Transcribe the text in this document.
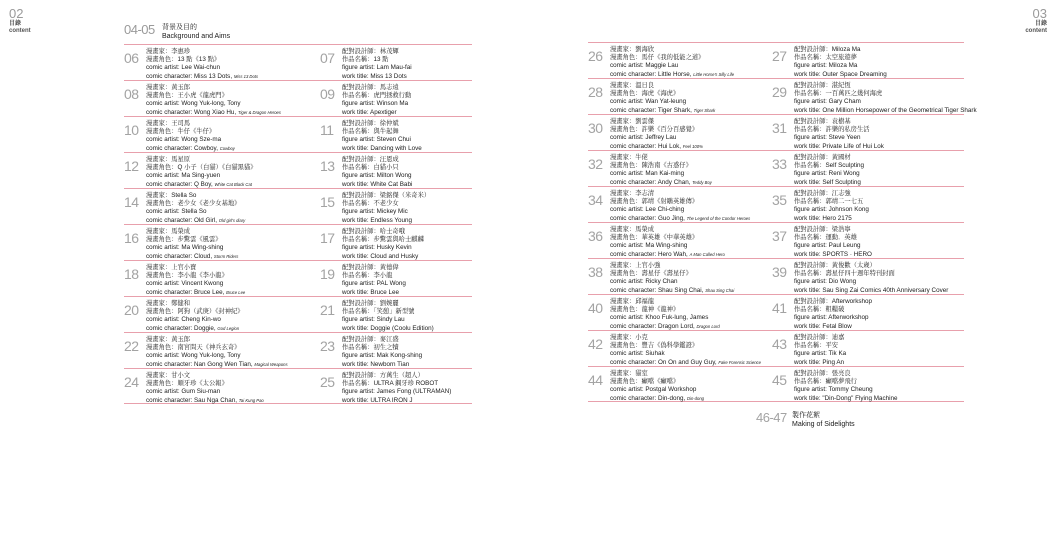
02
目錄
content
03
目錄
content
04-05	背景及目的
Background and Aims
06	漫畫家：李惠珍
漫畫角色：13 點《13 點》
comic artist: Lee Wai-chun
comic character: Miss 13 Dots, Miss 13 Dots
07	配對設計師：林茂輝
作品名稱：13 點
figure artist: Lam Mau-fai
work title: Miss 13 Dots
08	漫畫家：黃玉郎
漫畫角色：王小虎《龍虎門》
comic artist: Wong Yuk-long, Tony
comic character: Wong Xiao Hu, Tiger & Dragon Heroes
09	配對設計師：馬志遠
作品名稱：虎門拯救行動
figure artist: Winson Ma
work title: Apextiger
10	漫畫家：王司馬
漫畫角色：牛仔《牛仔》
comic artist: Wong Sze-ma
comic character: Cowboy, Cowboy
11	配對設計師：徐仲斌
作品名稱：與牛起舞
figure artist: Steven Chui
work title: Dancing with Love
12	漫畫家：馬星原
漫畫角色：Q 小子（白貓）《白貓黑貓》
comic artist: Ma Sing-yuen
comic character: Q Boy, White Cat Black Cat
13	配對設計師：汪恩成
作品名稱：白貓小只
figure artist: Milton Wong
work title: White Cat Babi
14	漫畫家：Stella So
漫畫角色：老少女《老少女基地》
comic artist: Stella So
comic character: Old Girl, Old girl's diary
15	配對設計師：梁銘傑（米奇米）
作品名稱：不老少女
figure artist: Mickey Mic
work title: Endless Young
16	漫畫家：馬榮成
漫畫角色：步驚雲《風雲》
comic artist: Ma Wing-shing
comic character: Cloud, Storm Riders
17	配對設計師：哈士奇哦
作品名稱：步驚雲與哈士麒麟
figure artist: Husky Kevin
work title: Cloud and Husky
18	漫畫家：上官小寶
漫畫角色：李小龍《李小龍》
comic artist: Vincent Kwong
comic character: Bruce Lee, Bruce Lee
19	配對設計師：黃德偉
作品名稱：李小龍
figure artist: PAL Wong
work title: Bruce Lee
20	漫畫家：鄭健和
漫畫角色：阿狗（武庚）《封神紀》
comic artist: Cheng Kin-wo
comic character: Doggie, God Legion
21	配對設計師：劉婉麗
作品名稱：「笑憩」新型號
figure artist: Sindy Lau
work title: Doggie (Coolu Edition)
22	漫畫家：黃玉郎
漫畫角色：南宮問天《神兵玄奇》
comic artist: Wong Yuk-long, Tony
comic character: Nan Gong Wen Tian, Magical Weapons
23	配對設計師：麥江盛
作品名稱：初生之犢
figure artist: Mak Kong-shing
work title: Newborn Tian
24	漫畫家：甘小文
漫畫角色：順牙珍《太公報》
comic artist: Gum Siu-man
comic character: Sau Nga Chan, Tai Kung Pao
25	配對設計師：方萬生（超人）
作品名稱：ULTRA 鋼牙珍 ROBOT
figure artist: James Fong (ULTRAMAN)
work title: ULTRA IRON J
26	漫畫家：劉海欣
漫畫角色：馬仔《我的低能之道》
comic artist: Maggie Lau
comic character: Little Horse, Little Horse's Silly Life
27	配對設計師：Miloza Ma
作品名稱：太空旅遊夢
figure artist: Miloza Ma
work title: Outer Space Dreaming
28	漫畫家：溫日良
漫畫角色：海虎《海虎》
comic artist: Wan Yat-leung
comic character: Tiger Shark, Tiger Shark
29	配對設計師：湛紀恆
作品名稱：一百萬匹之幾何海虎
figure artist: Gary Cham
work title: One Million Horsepower of the Geometrical Tiger Shark
30	漫畫家：劉雲傑
漫畫角色：許樂《百分百感覺》
comic artist: Jeffrey Lau
comic character: Hui Lok, Feel 100%
31	配對設計師：袁樹基
作品名稱：許樂的私房生活
figure artist: Steve Yeen
work title: Private Life of Hui Lok
32	漫畫家：牛佬
漫畫角色：陳浩南《古惑仔》
comic artist: Man Kai-ming
comic character: Andy Chan, Teddy Boy
33	配對設計師：黃國材
作品名稱：Self Sculpting
figure artist: Reni Wong
work title: Self Sculpting
34	漫畫家：李志清
漫畫角色：郭靖《射鵰英雄傳》
comic artist: Lee Chi-ching
comic character: Guo Jing, The Legend of the Condor Heroes
35	配對設計師：江志強
作品名稱：郭靖二一七五
figure artist: Johnson Kong
work title: Hero 2175
36	漫畫家：馬榮成
漫畫角色：華英雄《中華英雄》
comic artist: Ma Wing-shing
comic character: Hero Wah, A Man Called Hero
37	配對設計師：梁浩寧
作品名稱：運動．英雄
figure artist: Paul Leung
work title: SPORTS · HERO
38	漫畫家：上官小強
漫畫角色：壽星仔《壽星仔》
comic artist: Ricky Chan
comic character: Shau Sing Chai, Shau Sing Chai
39	配對設計師：黃俊歡（太歲）
作品名稱：壽星仔四十週年特刊封面
figure artist: Dio Wong
work title: Sau Sing Zai Comics 40th Anniversary Cover
40	漫畫家：邱福龍
漫畫角色：龍神《龍神》
comic artist: Khoo Fuk-lung, James
comic character: Dragon Lord, Dragon Lord
41	配對設計師：Afterworkshop
作品名稱：粗糧破
figure artist: Afterworkshop
work title: Fetal Blow
42	漫畫家：小克
漫畫角色：豐吉《偽科學鑑證》
comic artist: Siuhak
comic character: On On and Guy Guy, Fake Forensic Science
43	配對設計師：迪嘉
作品名稱：平安
figure artist: Tik Ka
work title: Ping An
44	漫畫家：貓室
漫畫角色：癲噹《癲噹》
comic artist: Postgal Workshop
comic character: Din-dong, Din-dong
45	配對設計師：張亮良
作品名稱：癲噹夢飛行
figure artist: Tommy Cheung
work title: "Din-Dong" Flying Machine
46-47 製作花絮
Making of Sidelights
